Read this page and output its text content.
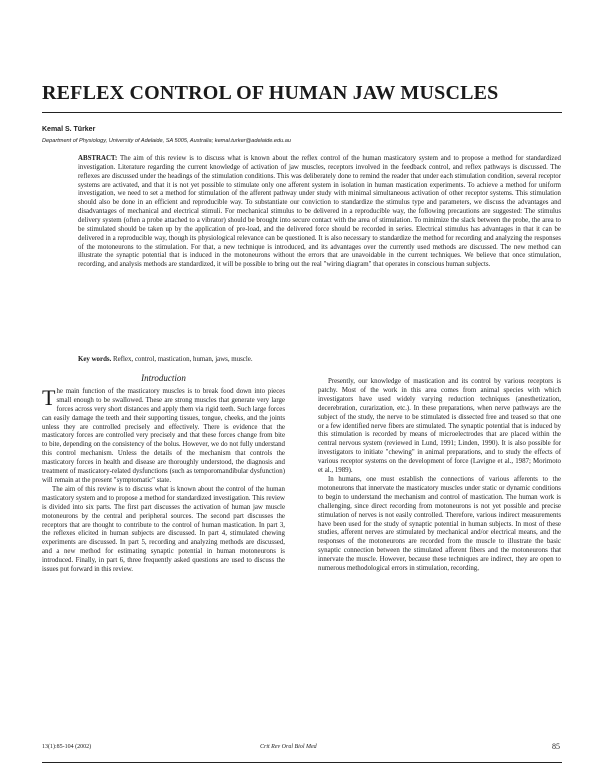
REFLEX CONTROL OF HUMAN JAW MUSCLES
Kemal S. Türker
Department of Physiology, University of Adelaide, SA 5005, Australia; kemal.turker@adelaide.edu.au

ABSTRACT: The aim of this review is to discuss what is known about the reflex control of the human masticatory system and to propose a method for standardized investigation. Literature regarding the current knowledge of activation of jaw muscles, receptors involved in the feedback control, and reflex pathways is discussed. The reflexes are discussed under the headings of the stimulation conditions. This was deliberately done to remind the reader that under each stimulation condition, several receptor systems are activated, and that it is not yet possible to stimulate only one afferent system in isolation in human mastication experiments. To achieve a method for uniform investigation, we need to set a method for stimulation of the afferent pathway under study with minimal simultaneous activation of other receptor systems. This stimulation should also be done in an efficient and reproducible way. To substantiate our conviction to standardize the stimulus type and parameters, we discuss the advantages and disadvantages of mechanical and electrical stimuli. For mechanical stimulus to be delivered in a reproducible way, the following precautions are suggested: The stimulus delivery system (often a probe attached to a vibrator) should be brought into secure contact with the area of stimulation. To minimize the slack between the probe, the area to be stimulated should be taken up by the application of pre-load, and the delivered force should be recorded in series. Electrical stimulus has advantages in that it can be delivered in a reproducible way, though its physiological relevance can be questioned. It is also necessary to standardize the method for recording and analyzing the responses of the motoneurons to the stimulation. For that, a new technique is introduced, and its advantages over the currently used methods are discussed. The new method can illustrate the synaptic potential that is induced in the motoneurons without the errors that are unavoidable in the current techniques. We believe that once stimulation, recording, and analysis methods are standardized, it will be possible to bring out the real "wiring diagram" that operates in conscious human subjects.

Key words. Reflex, control, mastication, human, jaws, muscle.

Introduction

The main function of the masticatory muscles is to break food down into pieces small enough to be swallowed. These are strong muscles that generate very large forces across very short distances and apply them via rigid teeth. Such large forces can easily damage the teeth and their supporting tissues, tongue, cheeks, and the joints unless they are controlled precisely and effectively. There is evidence that the masticatory forces are controlled very precisely and that these forces change from bite to bite, depending on the consistency of the bolus. However, we do not fully understand this control mechanism. Unless the details of the mechanism that controls the masticatory forces in health and disease are thoroughly understood, the diagnosis and treatment of masticatory-related dysfunctions (such as temporomandibular dysfunction) will remain at the present "symptomatic" state.

The aim of this review is to discuss what is known about the control of the human masticatory system and to propose a method for standardized investigation. This review is divided into six parts. The first part discusses the activation of human jaw muscle motoneurons by the central and peripheral sources. The second part discusses the receptors that are thought to contribute to the control of human mastication. In part 3, the reflexes elicited in human subjects are discussed. In part 4, stimulated chewing experiments are discussed. In part 5, recording and analyzing methods are discussed, and a new method for estimating synaptic potential in human motoneurons is introduced. Finally, in part 6, three frequently asked questions are used to discuss the issues put forward in this review.

Presently, our knowledge of mastication and its control by various receptors is patchy. Most of the work in this area comes from animal species with which investigators have used widely varying reduction techniques (anesthetization, decerebration, curarization, etc.). In these preparations, when nerve pathways are the subject of the study, the nerve to be stimulated is dissected free and teased so that one or a few identified nerve fibers are stimulated. The synaptic potential that is induced by this stimulation is recorded by means of microelectrodes that are placed within the central nervous system (reviewed in Lund, 1991; Linden, 1990). It is also possible for investigators to initiate "chewing" in animal preparations, and to study the effects of various receptor systems on the development of force (Lavigne et al., 1987; Morimoto et al., 1989).

In humans, one must establish the connections of various afferents to the motoneurons that innervate the masticatory muscles under static or dynamic conditions to begin to understand the mechanism and control of mastication. The human work is challenging, since direct recording from motoneurons is not yet possible and precise stimulation of nerves is not easily controlled. Therefore, various indirect measurements have been used for the study of synaptic potential in human subjects. In most of these studies, afferent nerves are stimulated by mechanical and/or electrical means, and the responses of the motoneurons are recorded from the muscle to illustrate the basic synaptic connection between the stimulated afferent fibers and the motoneurons that innervate the muscle. However, because these techniques are indirect, they are open to numerous methodological errors in stimulation, recording,

13(1):85-104 (2002)	Crit Rev Oral Biol Med	85
